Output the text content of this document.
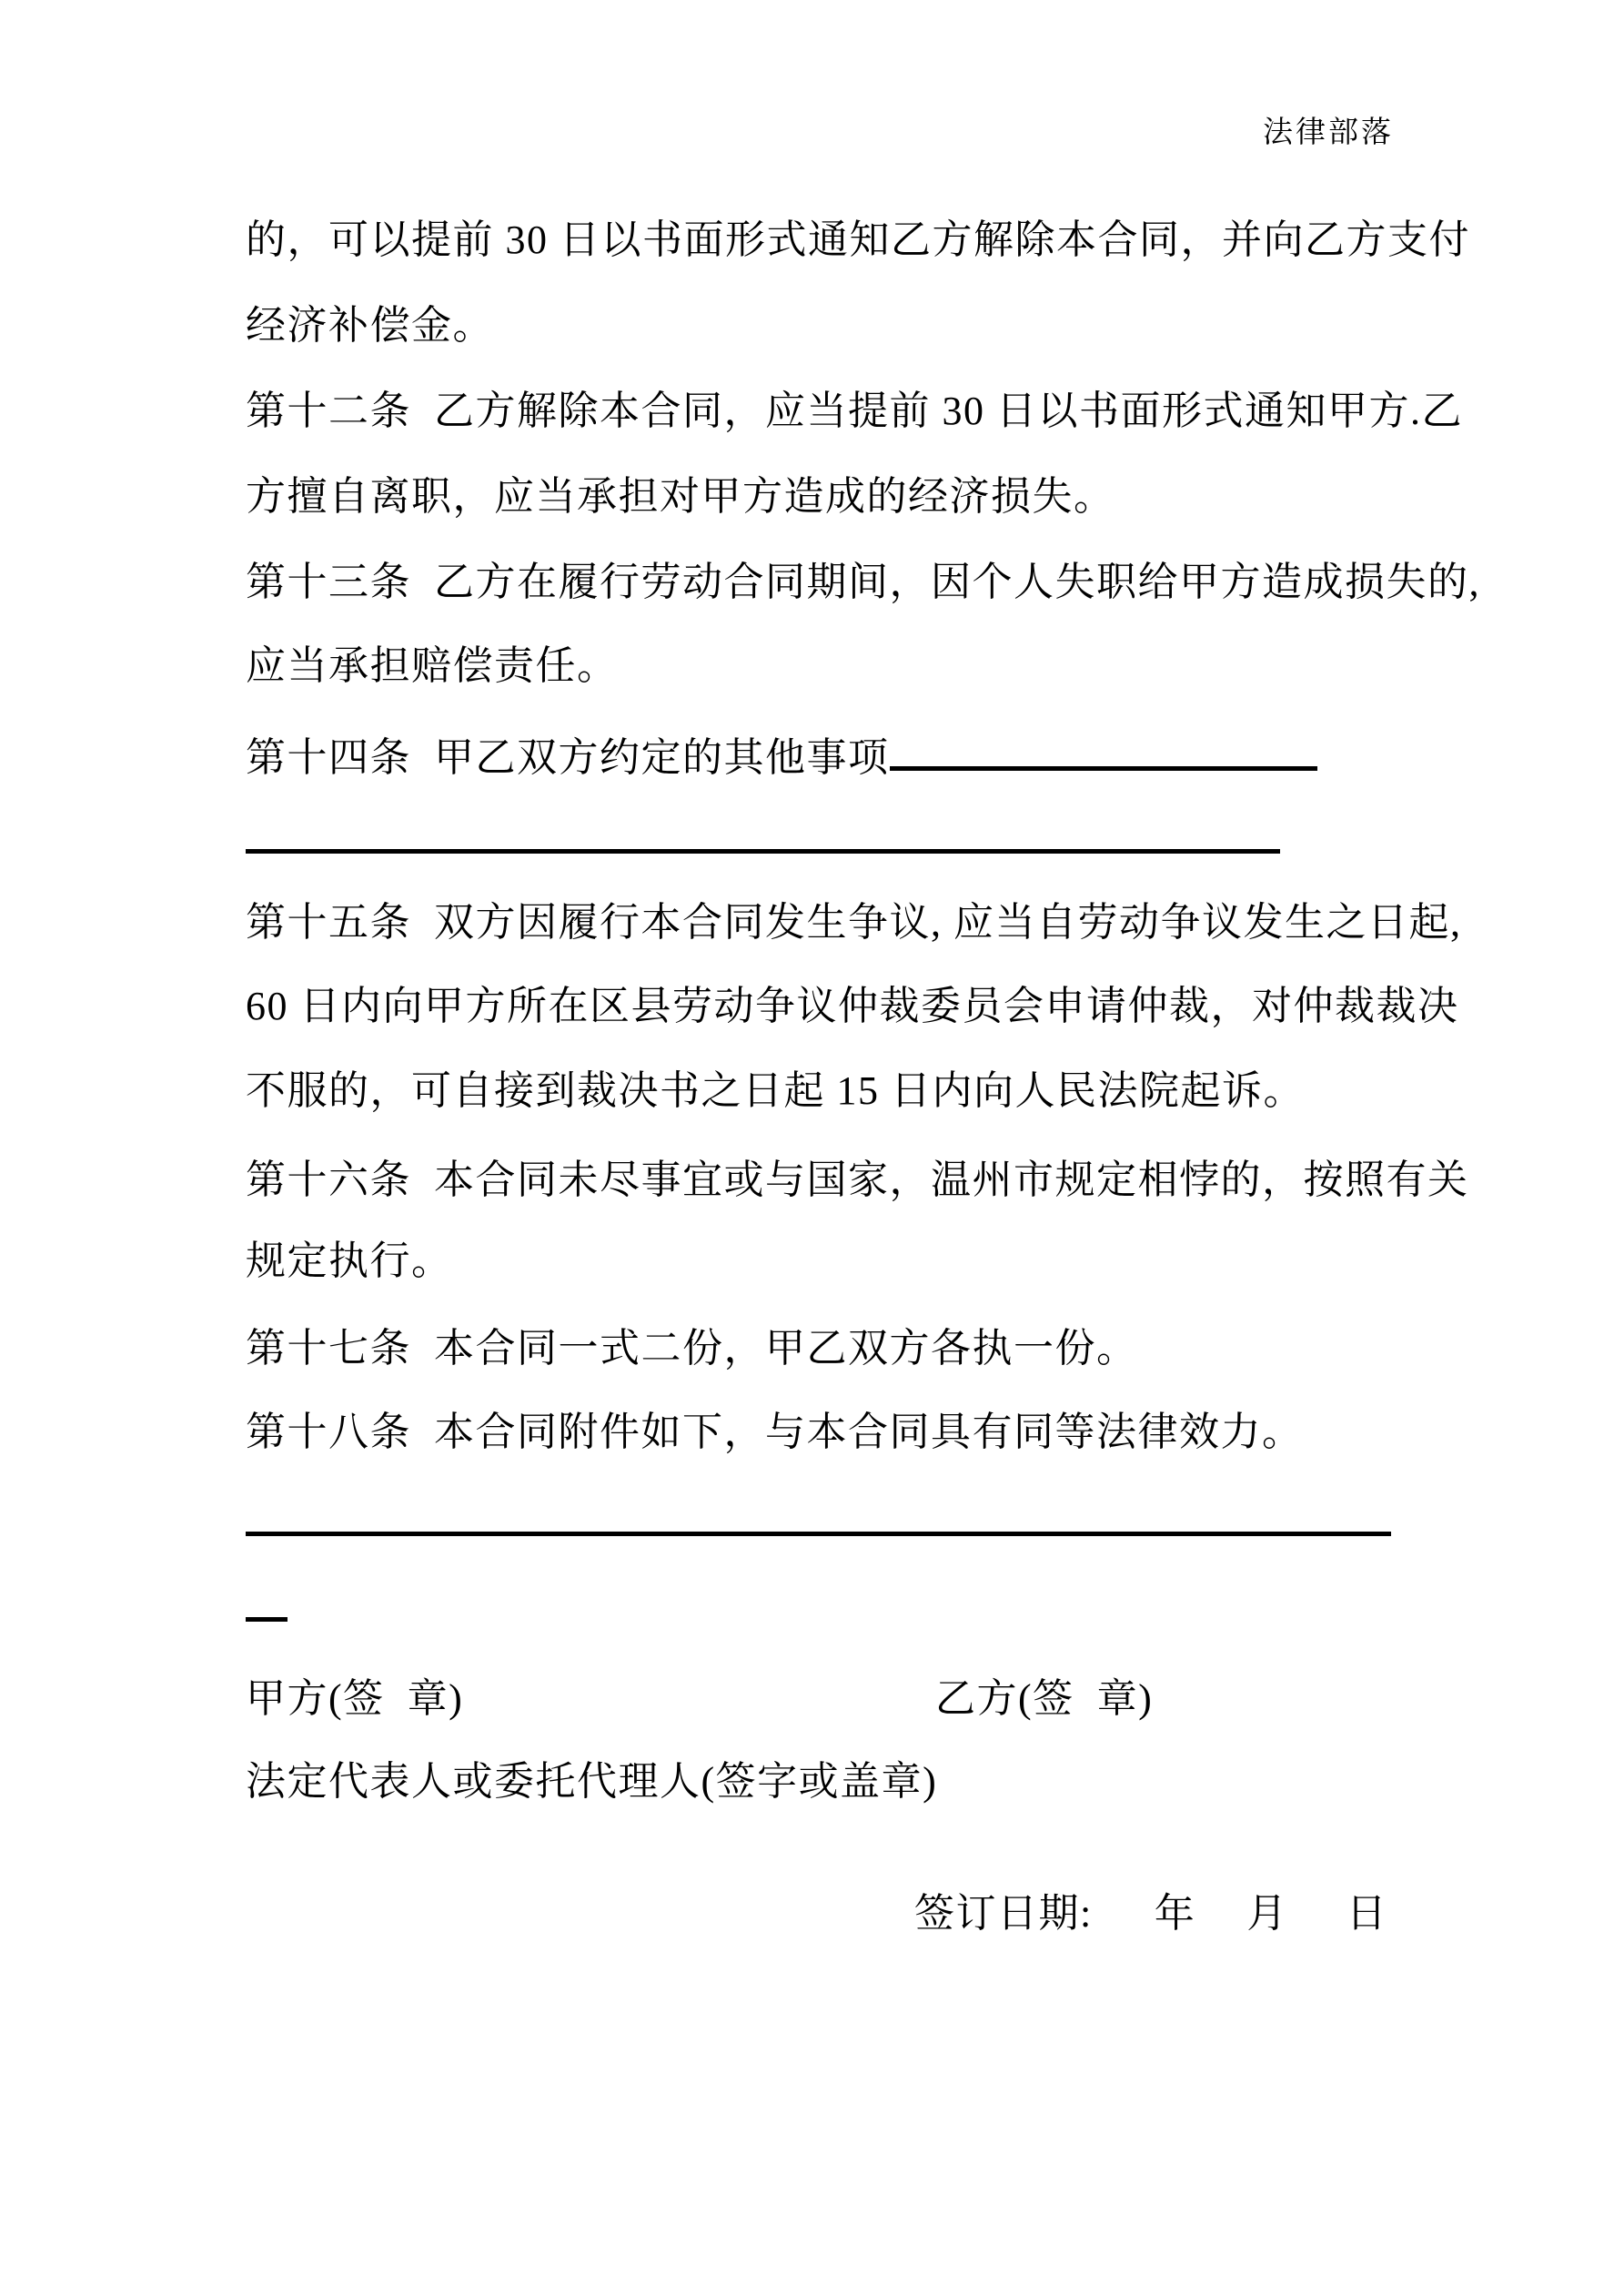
法律部落
的，可以提前 30 日以书面形式通知乙方解除本合同，并向乙方支付
经济补偿金。
第十二条  乙方解除本合同，应当提前 30 日以书面形式通知甲方.乙
方擅自离职，应当承担对甲方造成的经济损失。
第十三条  乙方在履行劳动合同期间，因个人失职给甲方造成损失的,
应当承担赔偿责任。
第十四条  甲乙双方约定的其他事项
第十五条  双方因履行本合同发生争议, 应当自劳动争议发生之日起,
60 日内向甲方所在区县劳动争议仲裁委员会申请仲裁，对仲裁裁决
不服的，可自接到裁决书之日起 15 日内向人民法院起诉。
第十六条  本合同未尽事宜或与国家，温州市规定相悖的，按照有关
规定执行。
第十七条  本合同一式二份，甲乙双方各执一份。
第十八条  本合同附件如下，与本合同具有同等法律效力。
甲方(签  章)	乙方(签  章)
法定代表人或委托代理人(签字或盖章)

签订日期: 年 月 日
